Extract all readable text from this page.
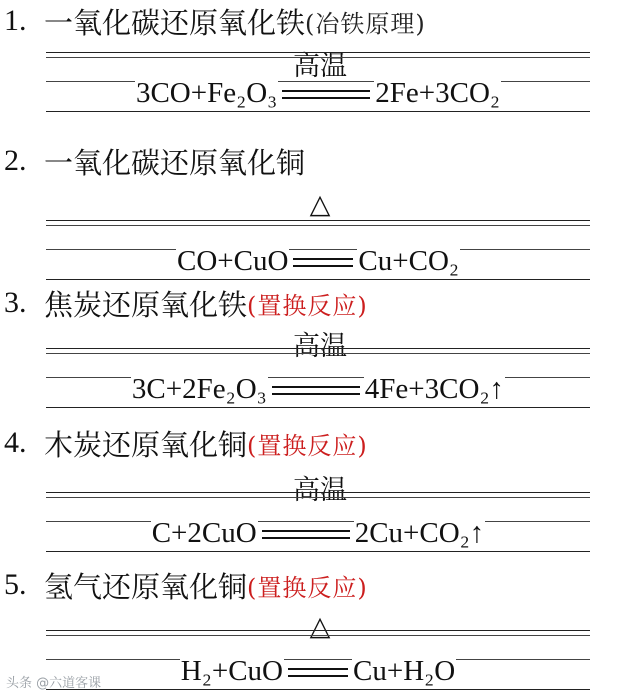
1. 一氧化碳还原氧化铁 (冶铁原理)
高温
3CO+Fe₂O₃	2Fe+3CO₂
2. 一氧化碳还原氧化铜
△
CO+CuO Cu+CO₂
3. 焦炭还原氧化铁 (置换反应)
高温
3C+2Fe₂O₃	4Fe+3CO₂↑
4. 木炭还原氧化铜 (置换反应)
高温
C+2CuO	2Cu+CO₂↑
5. 氢气还原氧化铜 (置换反应)
△
H₂+CuO Cu+H₂O
头条 @六道客课
